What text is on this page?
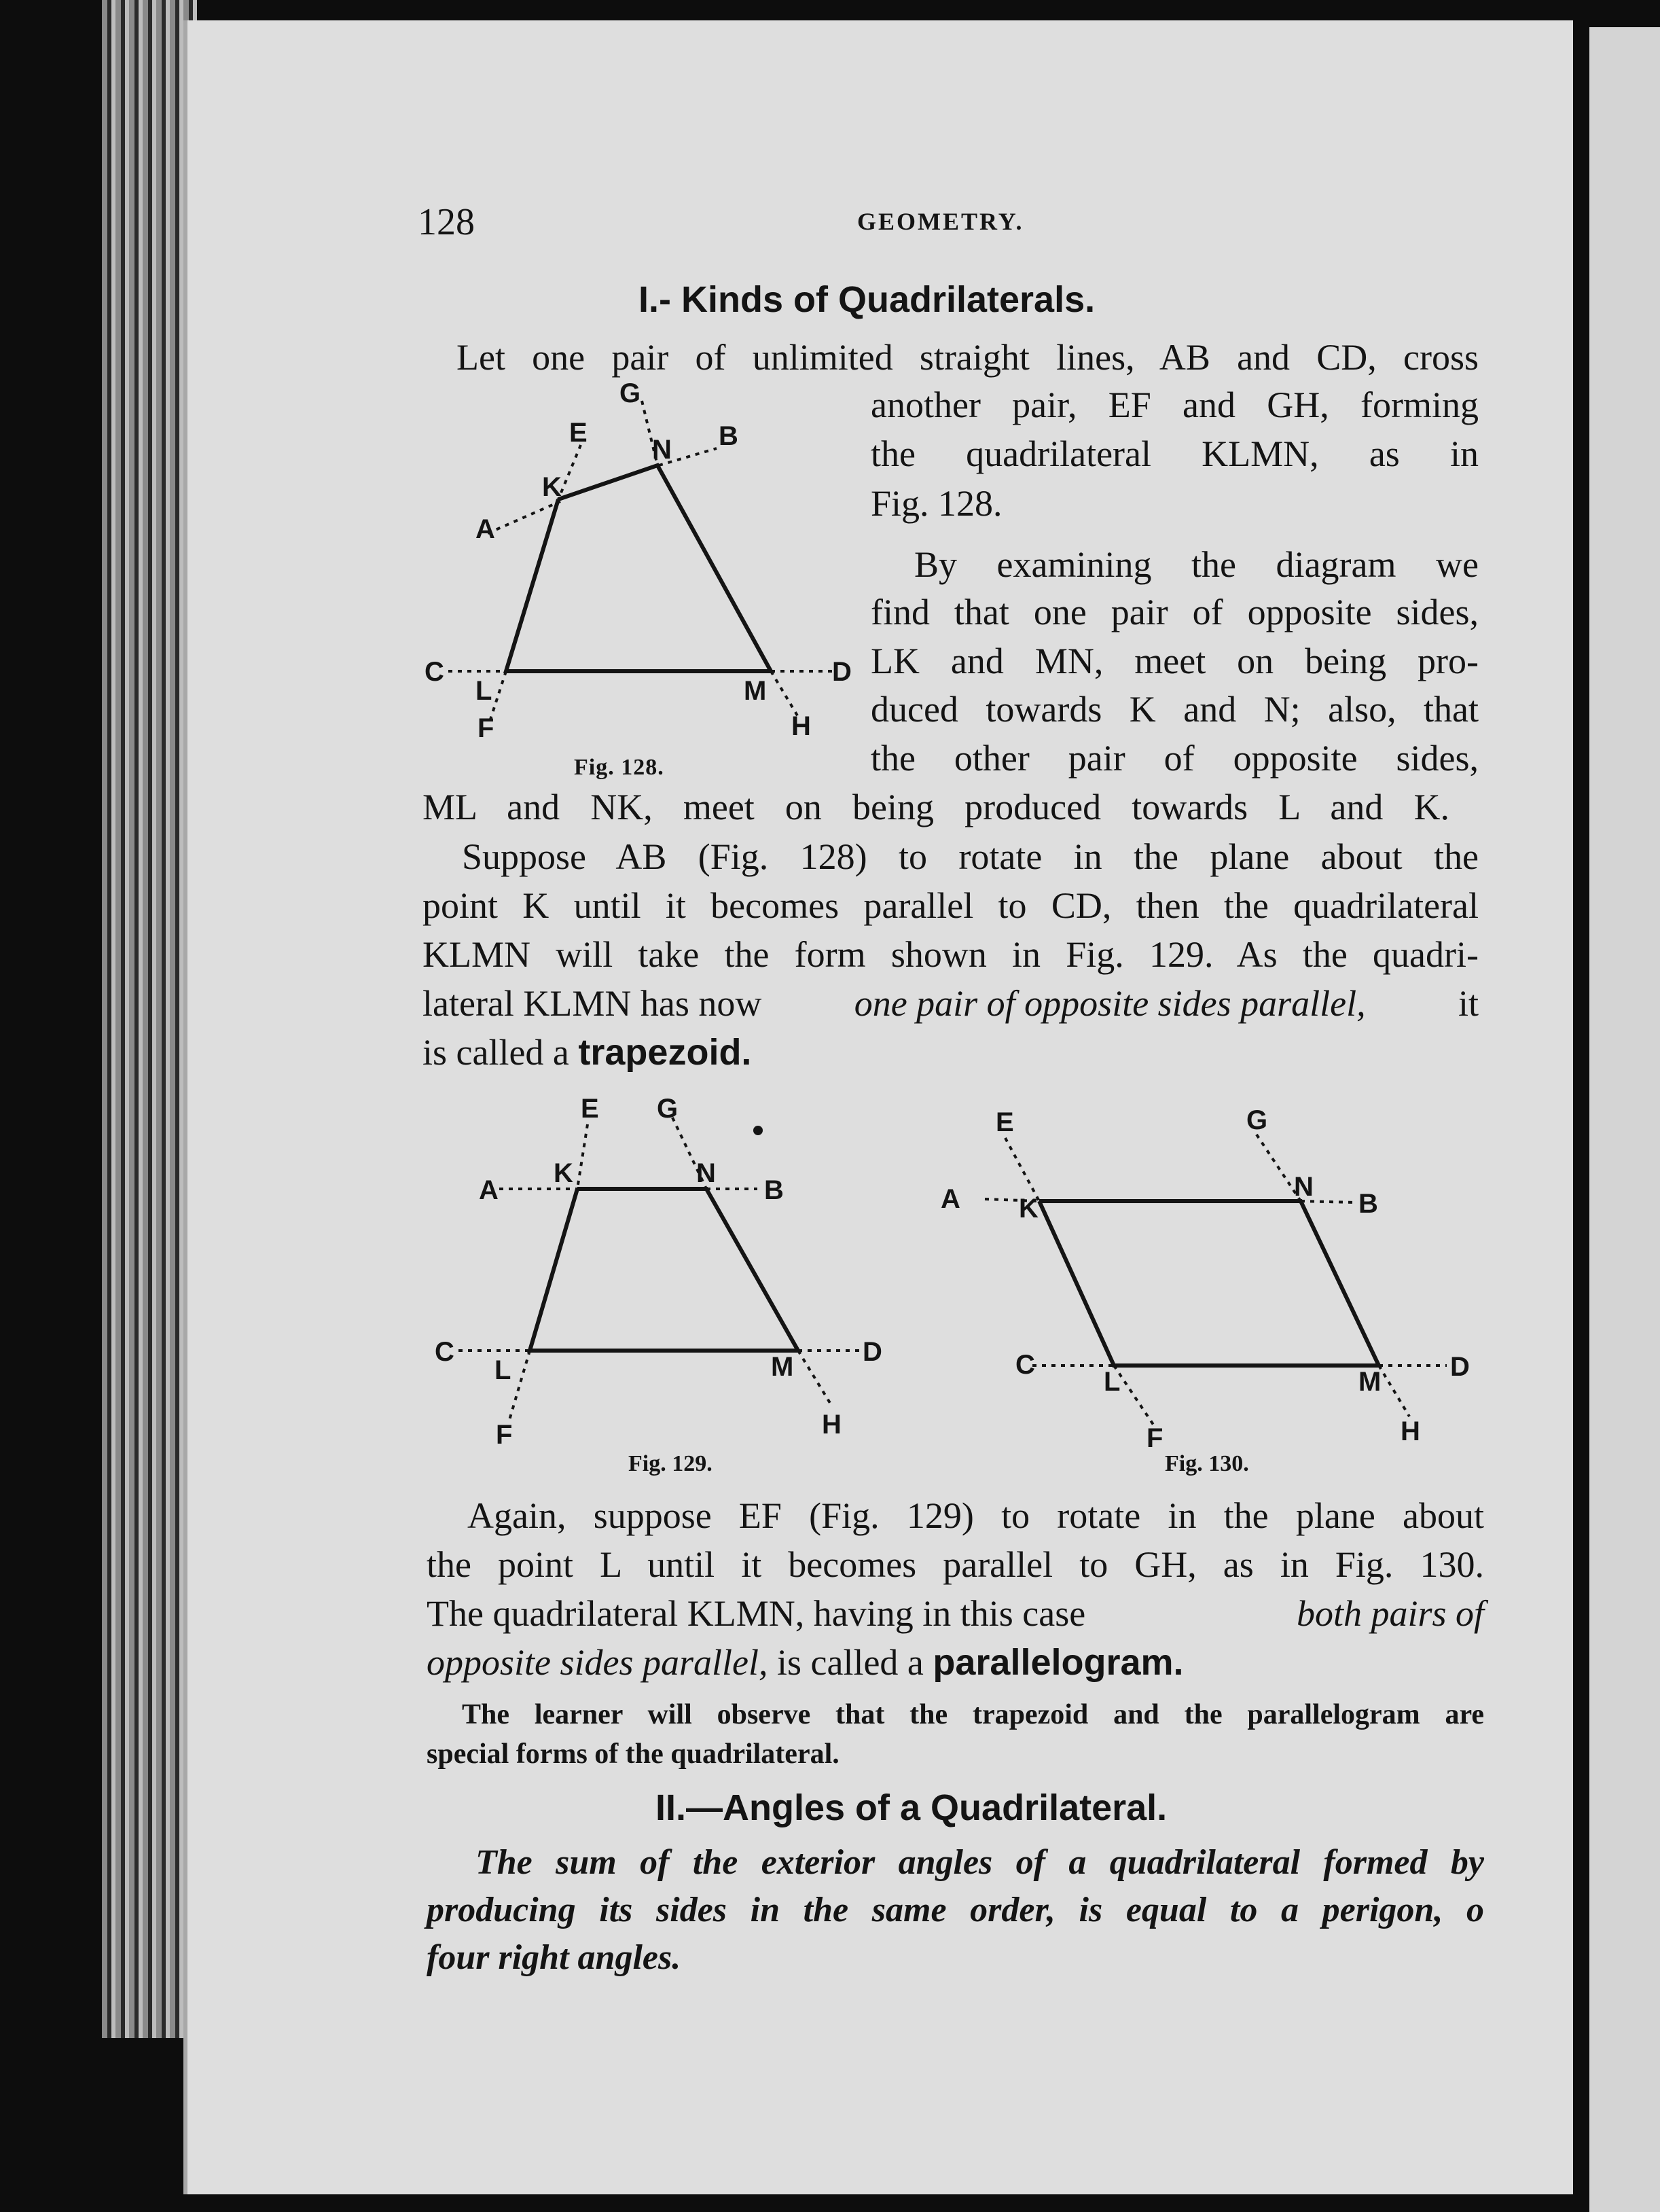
128	GEOMETRY.
I.- Kinds of Quadrilaterals.
Let one pair of unlimited straight lines, AB and CD, cross
another pair, EF and GH, forming
the quadrilateral KLMN, as in
Fig. 128.
By examining the diagram we
find that one pair of opposite sides,
LK and MN, meet on being pro-
duced towards K and N; also, that
the other pair of opposite sides,
ML and NK, meet on being produced towards L and K.
Suppose AB (Fig. 128) to rotate in the plane about the
point K until it becomes parallel to CD, then the quadrilateral
KLMN will take the form shown in Fig. 129. As the quadri-
lateral KLMN has now	one pair of opposite sides parallel,	it
is called a trapezoid.
Again, suppose EF (Fig. 129) to rotate in the plane about
the point L until it becomes parallel to GH, as in Fig. 130.
The quadrilateral KLMN, having in this case	both pairs of
opposite sides parallel, is called a parallelogram.
The learner will observe that the trapezoid and the parallelogram are
special forms of the quadrilateral.
II.—Angles of a Quadrilateral.
The sum of the exterior angles of a quadrilateral formed by
producing its sides in the same order, is equal to a perigon, o
four right angles.
A
B
C	D
E
F
G
H
K
L	M
N
Fig. 128.
A	B
C	D
E
F
G
H
K	N
L	M
Fig. 129.
A	B
C	D
E
F
G
H
K
N
L	M
Fig. 130.
